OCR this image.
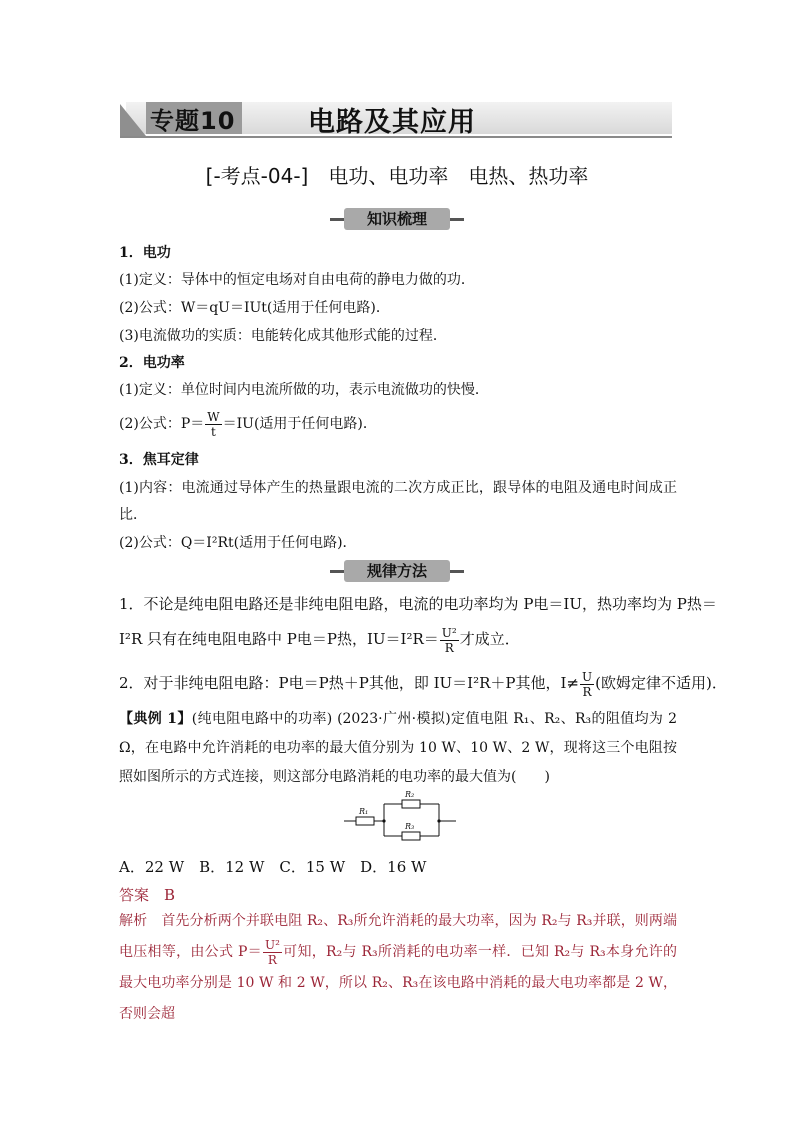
专题10	电路及其应用
[-考点-04-]　电功、电功率　电热、热功率
知识梳理
1．电功
(1)定义：导体中的恒定电场对自由电荷的静电力做的功．
(2)公式：W＝qU＝IUt(适用于任何电路)．
(3)电流做功的实质：电能转化成其他形式能的过程．
2．电功率
(1)定义：单位时间内电流所做的功，表示电流做功的快慢．
(2)公式：$P= \frac{W}{t} =IU$(适用于任何电路)．
3．焦耳定律
(1)内容：电流通过导体产生的热量跟电流的二次方成正比，跟导体的电阻及通电时间成正比．
(2)公式：Q＝I²Rt(适用于任何电路)．
规律方法
1．不论是纯电阻电路还是非纯电阻电路，电流的电功率均为 P电＝IU，热功率均为 P热＝
I²R 只有在纯电阻电路中 P电＝P热，$IU=I^2R= \frac{\text{U²}}{R}$ 才成立．
2．对于非纯电阻电路：P电＝P热＋P其他，即 IU＝I²R＋P其他，$I\ne \frac{U}{R}$ (欧姆定律不适用)．
【典例 1】(纯电阻电路中的功率) (2023·广州·模拟)定值电阻 R₁、R₂、R₃的阻值均为 2 Ω，在电路中允许消耗的电功率的最大值分别为 10 W、10 W、2 W，现将这三个电阻按照如图所示的方式连接，则这部分电路消耗的电功率的最大值为(　　)
R₁
R₂
R₃
A．22 W　B．12 W　C．15 W　D．16 W
答案　 B
解析　 首先分析两个并联电阻 R₂、R₃所允许消耗的最大功率，因为 R₂与 R₃并联，则两端电压相等，由公式 $P= \frac{\text{U²}}{R}$ 可知，R₂与 R₃所消耗的电功率一样．已知 R₂与 R₃本身允许的最大电功率分别是 10 W 和 2 W，所以 R₂、R₃在该电路中消耗的最大电功率都是 2 W，否则会超
